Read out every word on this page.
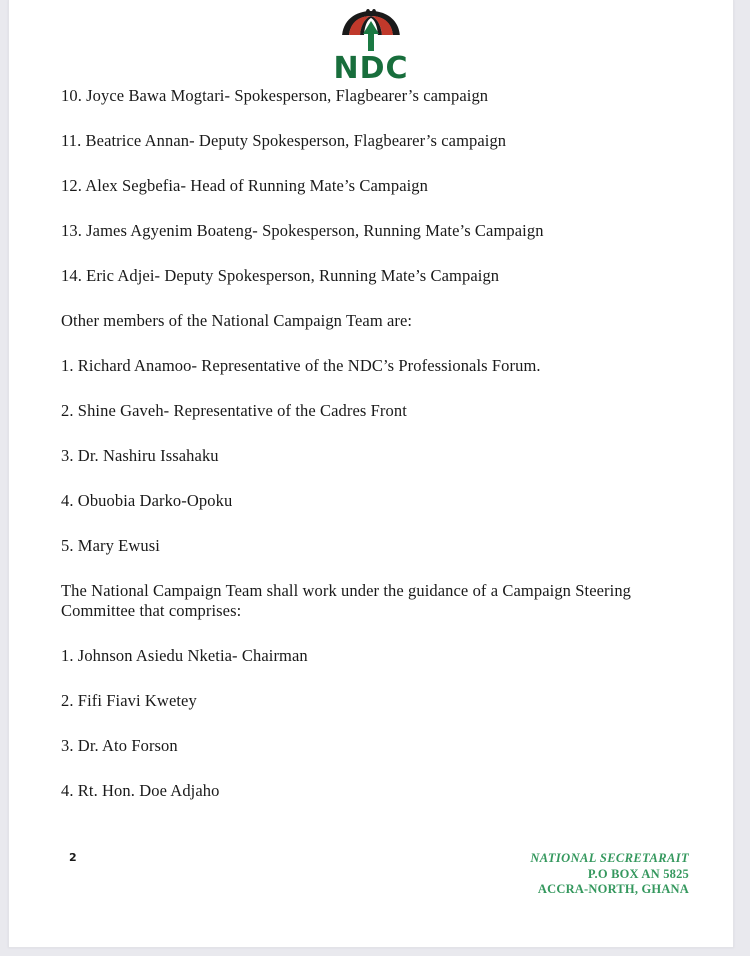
NDC

10. Joyce Bawa Mogtari- Spokesperson, Flagbearer’s campaign

11. Beatrice Annan- Deputy Spokesperson, Flagbearer’s campaign

12. Alex Segbefia- Head of Running Mate’s Campaign

13. James Agyenim Boateng- Spokesperson, Running Mate’s Campaign

14. Eric Adjei- Deputy Spokesperson, Running Mate’s Campaign

Other members of the National Campaign Team are:

1. Richard Anamoo- Representative of the NDC’s Professionals Forum.

2. Shine Gaveh- Representative of the Cadres Front

3. Dr. Nashiru Issahaku

4. Obuobia Darko-Opoku

5. Mary Ewusi

The National Campaign Team shall work under the guidance of a Campaign Steering Committee that comprises:

1. Johnson Asiedu Nketia- Chairman

2. Fifi Fiavi Kwetey

3. Dr. Ato Forson

4. Rt. Hon. Doe Adjaho

2	NATIONAL SECRETARAIT
P.O BOX AN 5825
ACCRA-NORTH, GHANA
